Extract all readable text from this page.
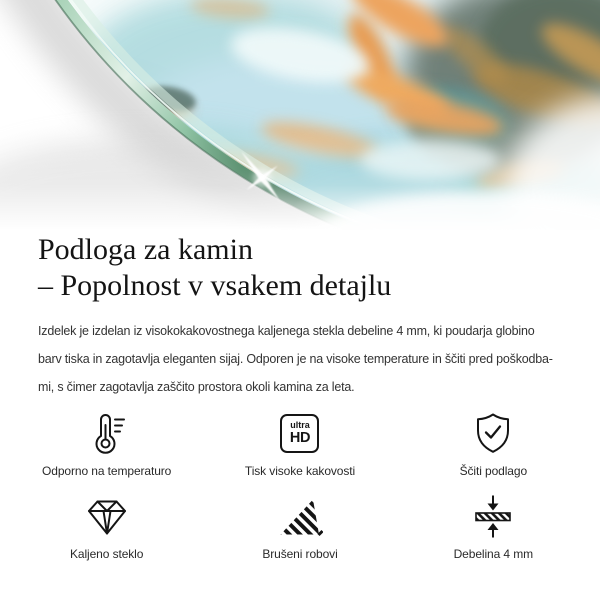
Podloga za kamin
– Popolnost v vsakem detajlu

Izdelek je izdelan iz visokokakovostnega kaljenega stekla debeline 4 mm, ki poudarja globino
barv tiska in zagotavlja eleganten sijaj. Odporen je na visoke temperature in ščiti pred poškodba-
mi, s čimer zagotavlja zaščito prostora okoli kamina za leta.

Odporno na temperaturo
ultra
HD
Tisk visoke kakovosti	Ščiti podlago
Kaljeno steklo	Brušeni robovi	Debelina 4 mm
